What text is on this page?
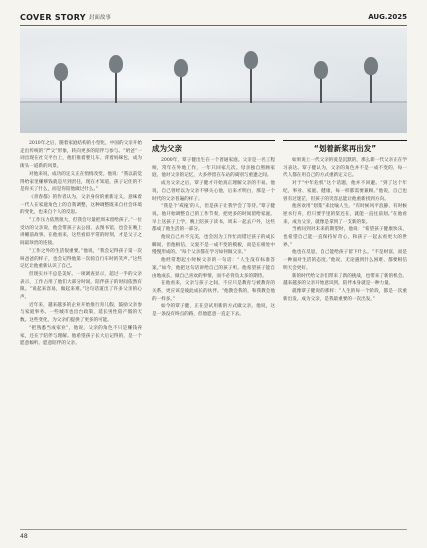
COVER STORY 封面故事	AUG.2025

2010年之后，随着家庭结构的小型化，中国的父亲开始走出传统的“严父”形象，转向更多的陪伴与参与。“奶爸”一词出现在社交平台上，他们推着婴儿车、背着妈咪包，成为街头一道新的风景。

对他来说，成功的定义正在悄悄改变。他说：“我以前觉得给家里赚够钱就是尽到责任，现在才知道，孩子记住的不是你买了什么，而是你陪他做过什么。”

《青春都》的作者认为，父亲身份的重新定义，意味着一代人在家庭角色上的自我调整，这种调整既来自社会环境的变化，也来自个人的反思。

“工作压力依然很大，但我会尽量把周末留给孩子。”一位受访的父亲说，他会带孩子去公园、去图书馆，也会在晚上讲睡前故事。在他看来，这些看似平常的时刻，才是父子之间最珍贵的连接。

“工作之外的生活很重要。”他说，“我会记得孩子第一次叫爸爸的样子，也会记得他第一次骑自行车时的笑声。”这些记忆让他重新认识了自己。

但现实并不总是美好。一项调查显示，超过一半的父亲表示，工作占用了他们大部分时间，陪伴孩子的时间依然有限。“说起来容易，做起来难。”这句话道出了许多父亲的心声。

近年来，越来越多的企业开始推行育儿假，鼓励父亲参与家庭事务。一些城市也出台政策，延长男性陪产假的天数。这些变化，为父亲们提供了更多的可能。

“把熟悉当成家业”，他说，父亲的角色不只是赚钱养家，还在于陪伴与理解。他希望孩子长大后记得的，是一个愿意倾听、愿意陪伴的父亲。

成为父亲

2000年，覃子健出生在一个普通家庭。父亲是一名工程师，常年在外地工作，一年只回家几次。母亲独自照顾家庭，他对父亲的记忆，大多停留在车站的离别与重逢之间。

成为父亲之后，覃子健才开始真正理解父亲的不易。他说，自己曾经以为父亲不够关心他，后来才明白，那是一个时代的父亲普遍的样子。

“我是个‘戒拖’的人，但是孩子让我学会了等待。”覃子健说。他开始调整自己的工作节奏，把更多的时间留给家庭。早上送孩子上学，晚上陪孩子读书，周末一起去户外，这些都成了他生活的一部分。

他说自己并不完美，也会因为工作忙而错过孩子的成长瞬间，但他相信，父爱不是一成不变的模板，而是在相处中慢慢形成的。“每个父亲都在学习如何做父亲。”

他经常想起小时候父亲的一句话：“人生没有标准答案。”如今，他把这句话讲给自己的孩子听。他希望孩子能自由地成长，做自己喜欢的事情，而不必背负太多的期待。

在他看来，父亲与孩子之间，不应只是教育与被教育的关系，更应该是彼此成长的伙伴。“他教会我的，和我教会他的一样多。”

如今的覃子健，正在尝试用新的方式做父亲。他说，这是一条没有终点的路，但他愿意一直走下去。

“划着新桨再出发”

如果说上一代父亲的爱是沉默的，那么新一代父亲正在学习表达。覃子健认为，父亲的角色并不是一成不变的，每一代人都在用自己的方式重新定义它。

对于“中年危机”这个话题，他并不回避。“到了这个年纪，事业、家庭、健康，每一样都需要兼顾。”他说，自己也曾有过迷茫，但孩子的笑容总能让他重新找到方向。

他喜欢用“划桨”来比喻人生。“有时候风平浪静，有时候逆水行舟，但只要手里的桨还在，就能一直往前划。”在他看来，成为父亲，就像是拿到了一支新的桨。

当被问到对未来的期望时，他说：“希望孩子健康快乐，也希望自己能一直保持好奇心，和孩子一起去看更大的世界。”

他也在反思，自己能给孩子留下什么。“不是财富，而是一种面对生活的态度。”他说，无论遇到什么困难，都要相信明天会更好。

新的时代给父亲们带来了新的挑战，也带来了新的机会。越来越多的父亲开始意识到，陪伴本身就是一种力量。

就像覃子健说的那样：“人生的每一个阶段，都是一次重新出发。成为父亲，是我最重要的一次出发。”

48
